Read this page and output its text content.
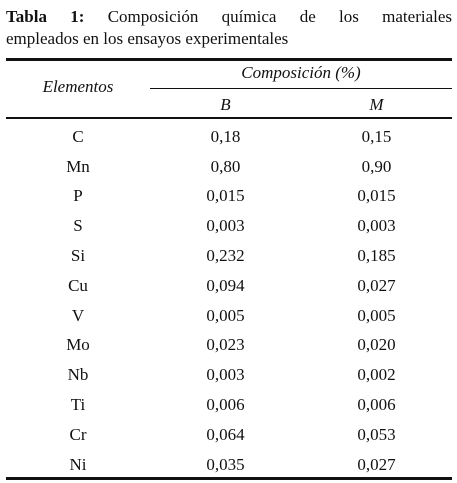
Tabla 1: Composición química de los materiales
empleados en los ensayos experimentales
Elementos
Composición (%)
B	M
C	0,18	0,15
Mn	0,80	0,90
P	0,015	0,015
S	0,003	0,003
Si	0,232	0,185
Cu	0,094	0,027
V	0,005	0,005
Mo	0,023	0,020
Nb	0,003	0,002
Ti	0,006	0,006
Cr	0,064	0,053
Ni	0,035	0,027
